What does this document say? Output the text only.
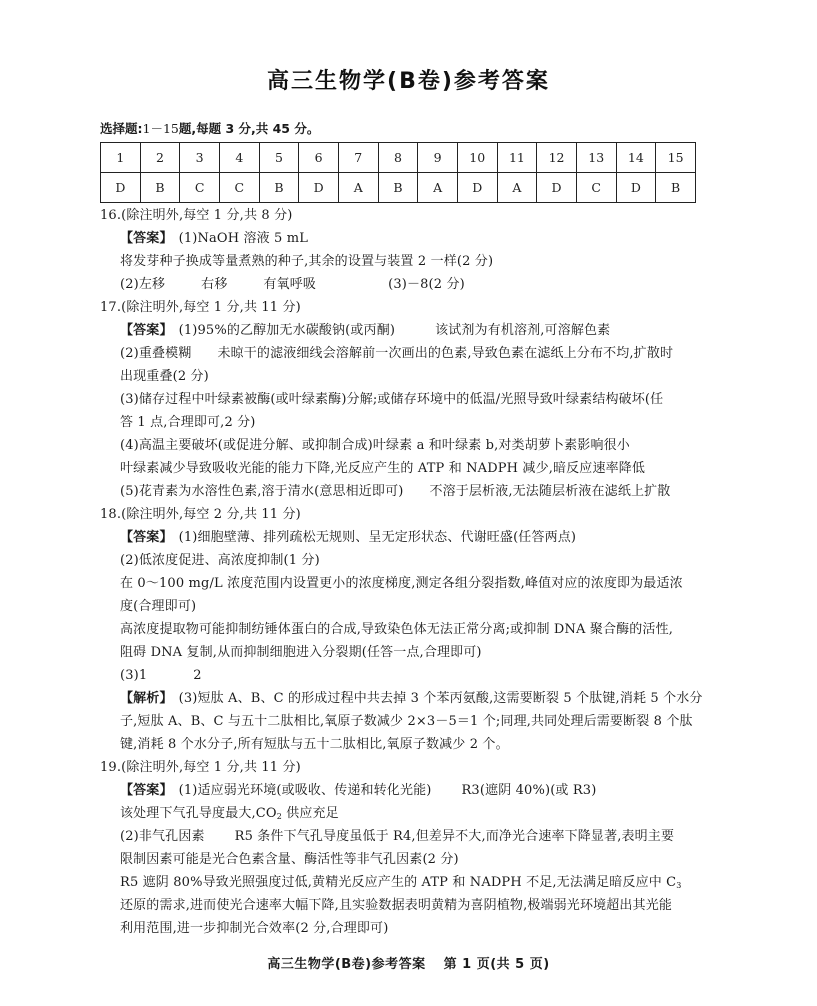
高三生物学(B卷)参考答案
选择题:1－15题,每题 3 分,共 45 分。
1	2	3	4	5	6	7	8	9	10	11	12	13	14	15
D	B	C	C	B	D	A	B	A	D	A	D	C	D	B
16.(除注明外,每空 1 分,共 8 分)
【答案】 (1)NaOH 溶液 5 mL
将发芽种子换成等量煮熟的种子,其余的设置与装置 2 一样(2 分)
(2)左移	右移	有氧呼吸	(3)－8(2 分)
17.(除注明外,每空 1 分,共 11 分)
【答案】 (1)95%的乙醇加无水碳酸钠(或丙酮)	该试剂为有机溶剂,可溶解色素
(2)重叠模糊 未晾干的滤液细线会溶解前一次画出的色素,导致色素在滤纸上分布不均,扩散时
出现重叠(2 分)
(3)储存过程中叶绿素被酶(或叶绿素酶)分解;或储存环境中的低温/光照导致叶绿素结构破坏(任
答 1 点,合理即可,2 分)
(4)高温主要破坏(或促进分解、或抑制合成)叶绿素 a 和叶绿素 b,对类胡萝卜素影响很小
叶绿素减少导致吸收光能的能力下降,光反应产生的 ATP 和 NADPH 减少,暗反应速率降低
(5)花青素为水溶性色素,溶于清水(意思相近即可) 不溶于层析液,无法随层析液在滤纸上扩散
18.(除注明外,每空 2 分,共 11 分)
【答案】 (1)细胞壁薄、排列疏松无规则、呈无定形状态、代谢旺盛(任答两点)
(2)低浓度促进、高浓度抑制(1 分)
在 0～100 mg/L 浓度范围内设置更小的浓度梯度,测定各组分裂指数,峰值对应的浓度即为最适浓
度(合理即可)
高浓度提取物可能抑制纺锤体蛋白的合成,导致染色体无法正常分离;或抑制 DNA 聚合酶的活性,
阻碍 DNA 复制,从而抑制细胞进入分裂期(任答一点,合理即可)
(3)1	2
【解析】 (3)短肽 A、B、C 的形成过程中共去掉 3 个苯丙氨酸,这需要断裂 5 个肽键,消耗 5 个水分
子,短肽 A、B、C 与五十二肽相比,氧原子数减少 2×3－5＝1 个;同理,共同处理后需要断裂 8 个肽
键,消耗 8 个水分子,所有短肽与五十二肽相比,氧原子数减少 2 个。
19.(除注明外,每空 1 分,共 11 分)
【答案】 (1)适应弱光环境(或吸收、传递和转化光能) R3(遮阴 40%)(或 R3)
该处理下气孔导度最大$,CO_2$ 供应充足
(2)非气孔因素 R5 条件下气孔导度虽低于 R4,但差异不大,而净光合速率下降显著,表明主要
限制因素可能是光合色素含量、酶活性等非气孔因素(2 分)
R5 遮阴 80%导致光照强度过低,黄精光反应产生的 ATP 和 NADPH 不足,无法满足暗反应中 $C_3$
还原的需求,进而使光合速率大幅下降,且实验数据表明黄精为喜阴植物,极端弱光环境超出其光能
利用范围,进一步抑制光合效率(2 分,合理即可)
高三生物学(B卷)参考答案 第 1 页(共 5 页)
